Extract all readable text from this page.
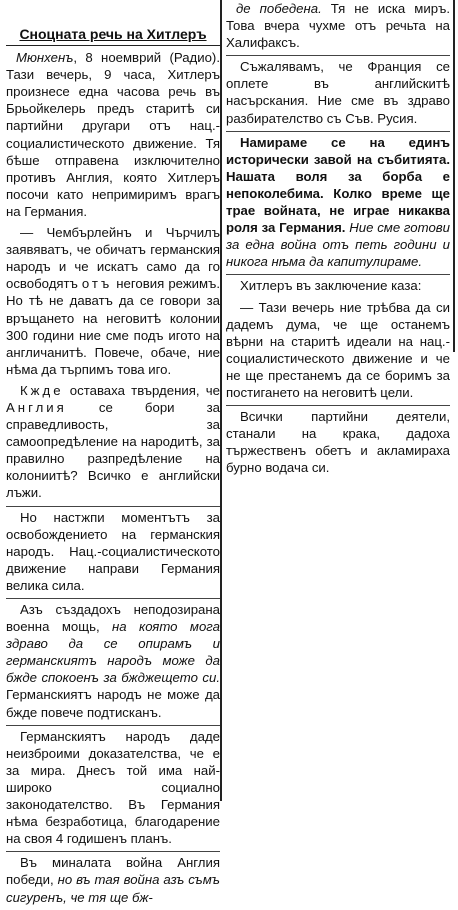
Сноцната речь на Хитлеръ

Мюнхенъ, 8 ноемврий (Радио). Тази вечерь, 9 часа, Хитлеръ произнесе една часова речь въ Брьойкелерь предъ старитѣ си партийни другари отъ нац.-социалистическото движение. Тя бѣше отправена изключително противъ Англия, която Хитлеръ посочи като непримиримъ врагъ на Германия.

— Чембърлейнъ и Чърчилъ заявяватъ, че обичатъ германския народъ и че искатъ само да го освободятъ отъ неговия режимъ. Но тѣ не даватъ да се говори за връщането на неговитѣ колонии 300 години ние сме подъ игото на англичанитѣ. Повече, обаче, ние нѣма да търпимъ това иго.

Кжде оставаха твърдения, че Англия се бори за справедливость, за самоопредѣление на народитѣ, за правилно разпредѣление на колониитѣ? Всичко е английски лъжи.

Но настжпи моментътъ за освобождението на германския народъ. Нац.-социалистическото движение направи Германия велика сила.

Азъ създадохъ неподозирана военна мощь, на която мога здраво да се опирамъ и германскиятъ народъ може да бжде спокоенъ за бжджещето си. Германскиятъ народъ не може да бжде повече подтисканъ.

Германскиятъ народъ даде неизброими доказателства, че е за мира. Днесъ той има най-широко социално законодателство. Въ Германия нѣма безработица, благодарение на своя 4 годишенъ планъ.

Въ миналата война Англия победи, но въ тая война азъ съмъ сигуренъ, че тя ще бж-

де победена. Тя не иска миръ. Това вчера чухме отъ речьта на Халифаксъ.

Съжалявамъ, че Франция се оплете въ английскитѣ насърскания. Ние сме въ здраво разбирателство съ Съв. Русия.

Намираме се на единъ исторически завой на събитията. Нашата воля за борба е непоколебима. Колко време ще трае войната, не играе никаква роля за Германия. Ние сме готови за една война отъ петь години и никога нѣма да капитулираме.

Хитлеръ въ заключение каза:

— Тази вечерь ние трѣбва да си дадемъ дума, че ще останемъ вѣрни на старитѣ идеали на нац.-социалистическото движение и че не ще престанемъ да се боримъ за постигането на неговитѣ цели.

Всички партийни деятели, станали на крака, дадоха тържественъ обетъ и акламираха бурно водача си.
